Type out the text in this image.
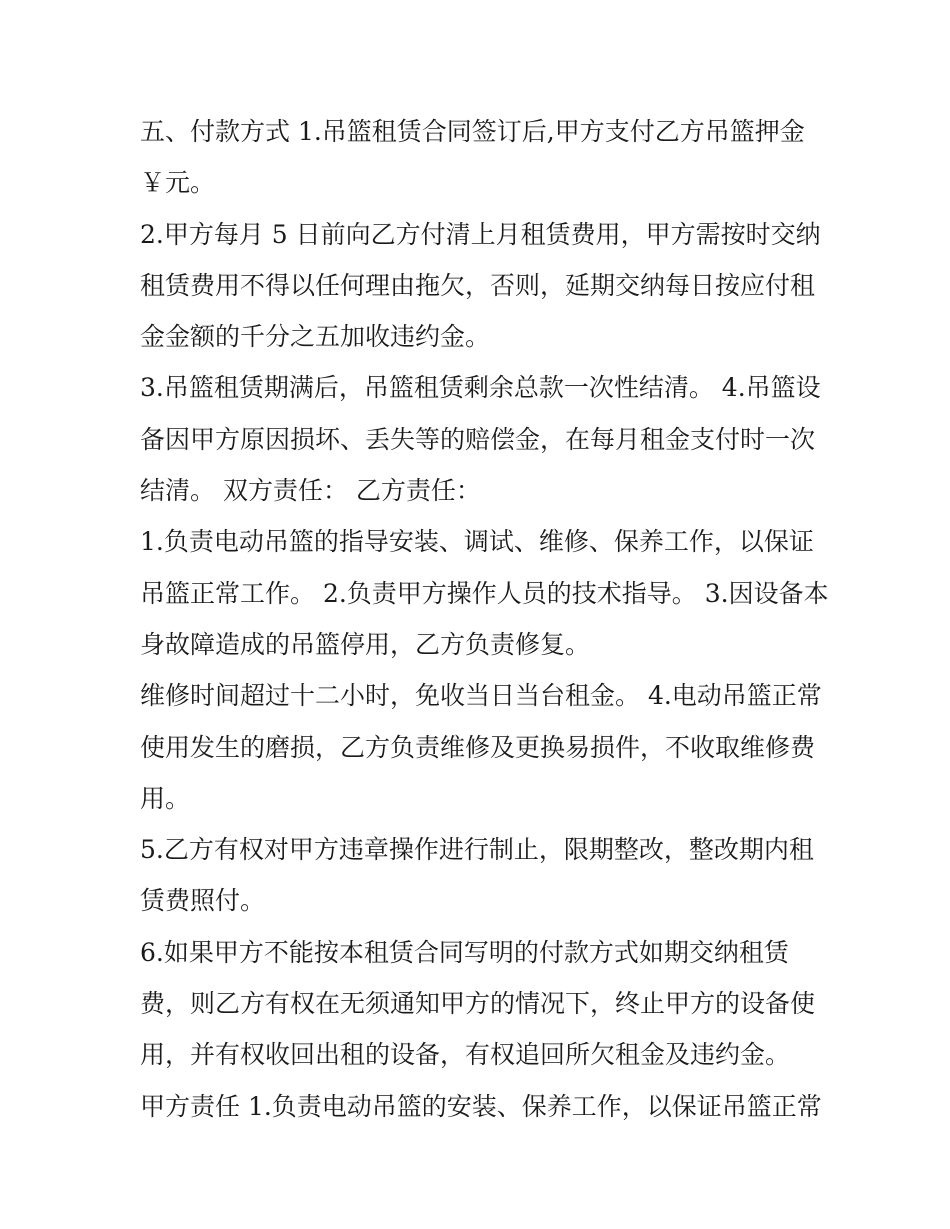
五、付款方式 1.吊篮租赁合同签订后,甲方支付乙方吊篮押金
￥元。
2.甲方每月 5 日前向乙方付清上月租赁费用，甲方需按时交纳
租赁费用不得以任何理由拖欠，否则，延期交纳每日按应付租
金金额的千分之五加收违约金。
3.吊篮租赁期满后，吊篮租赁剩余总款一次性结清。 4.吊篮设
备因甲方原因损坏、丢失等的赔偿金，在每月租金支付时一次
结清。 双方责任： 乙方责任：
1.负责电动吊篮的指导安装、调试、维修、保养工作，以保证
吊篮正常工作。 2.负责甲方操作人员的技术指导。 3.因设备本
身故障造成的吊篮停用，乙方负责修复。
维修时间超过十二小时，免收当日当台租金。 4.电动吊篮正常
使用发生的磨损，乙方负责维修及更换易损件，不收取维修费
用。
5.乙方有权对甲方违章操作进行制止，限期整改，整改期内租
赁费照付。
6.如果甲方不能按本租赁合同写明的付款方式如期交纳租赁
费，则乙方有权在无须通知甲方的情况下，终止甲方的设备使
用，并有权收回出租的设备，有权追回所欠租金及违约金。
甲方责任 1.负责电动吊篮的安装、保养工作，以保证吊篮正常
